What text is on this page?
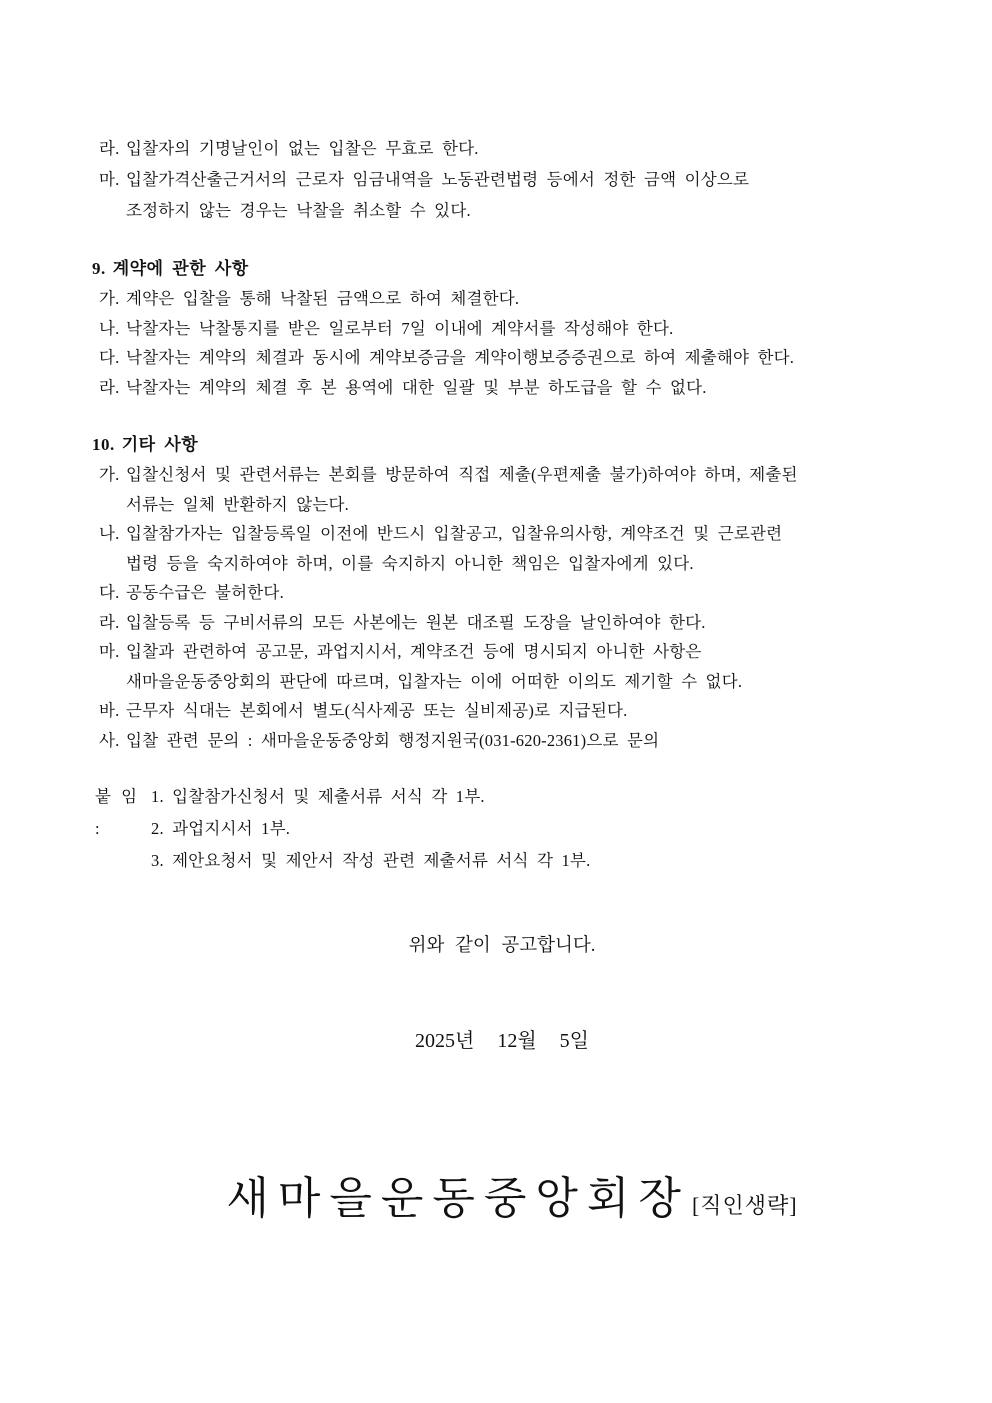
라. 입찰자의 기명날인이 없는 입찰은 무효로 한다.
마. 입찰가격산출근거서의 근로자 임금내역을 노동관련법령 등에서 정한 금액 이상으로
조정하지 않는 경우는 낙찰을 취소할 수 있다.
9. 계약에 관한 사항
가. 계약은 입찰을 통해 낙찰된 금액으로 하여 체결한다.
나. 낙찰자는 낙찰통지를 받은 일로부터 7일 이내에 계약서를 작성해야 한다.
다. 낙찰자는 계약의 체결과 동시에 계약보증금을 계약이행보증증권으로 하여 제출해야 한다.
라. 낙찰자는 계약의 체결 후 본 용역에 대한 일괄 및 부분 하도급을 할 수 없다.
10. 기타 사항
가. 입찰신청서 및 관련서류는 본회를 방문하여 직접 제출(우편제출 불가)하여야 하며, 제출된
서류는 일체 반환하지 않는다.
나. 입찰참가자는 입찰등록일 이전에 반드시 입찰공고, 입찰유의사항, 계약조건 및 근로관련
법령 등을 숙지하여야 하며, 이를 숙지하지 아니한 책임은 입찰자에게 있다.
다. 공동수급은 불허한다.
라. 입찰등록 등 구비서류의 모든 사본에는 원본 대조필 도장을 날인하여야 한다.
마. 입찰과 관련하여 공고문, 과업지시서, 계약조건 등에 명시되지 아니한 사항은
새마을운동중앙회의 판단에 따르며, 입찰자는 이에 어떠한 이의도 제기할 수 없다.
바. 근무자 식대는 본회에서 별도(식사제공 또는 실비제공)로 지급된다.
사. 입찰 관련 문의 : 새마을운동중앙회 행정지원국(031-620-2361)으로 문의
붙 임 :
1. 입찰참가신청서 및 제출서류 서식 각 1부.
2. 과업지시서 1부.
3. 제안요청서 및 제안서 작성 관련 제출서류 서식 각 1부.
위와 같이 공고합니다.
2025년 12월 5일
새마을운동중앙회장[직인생략]
